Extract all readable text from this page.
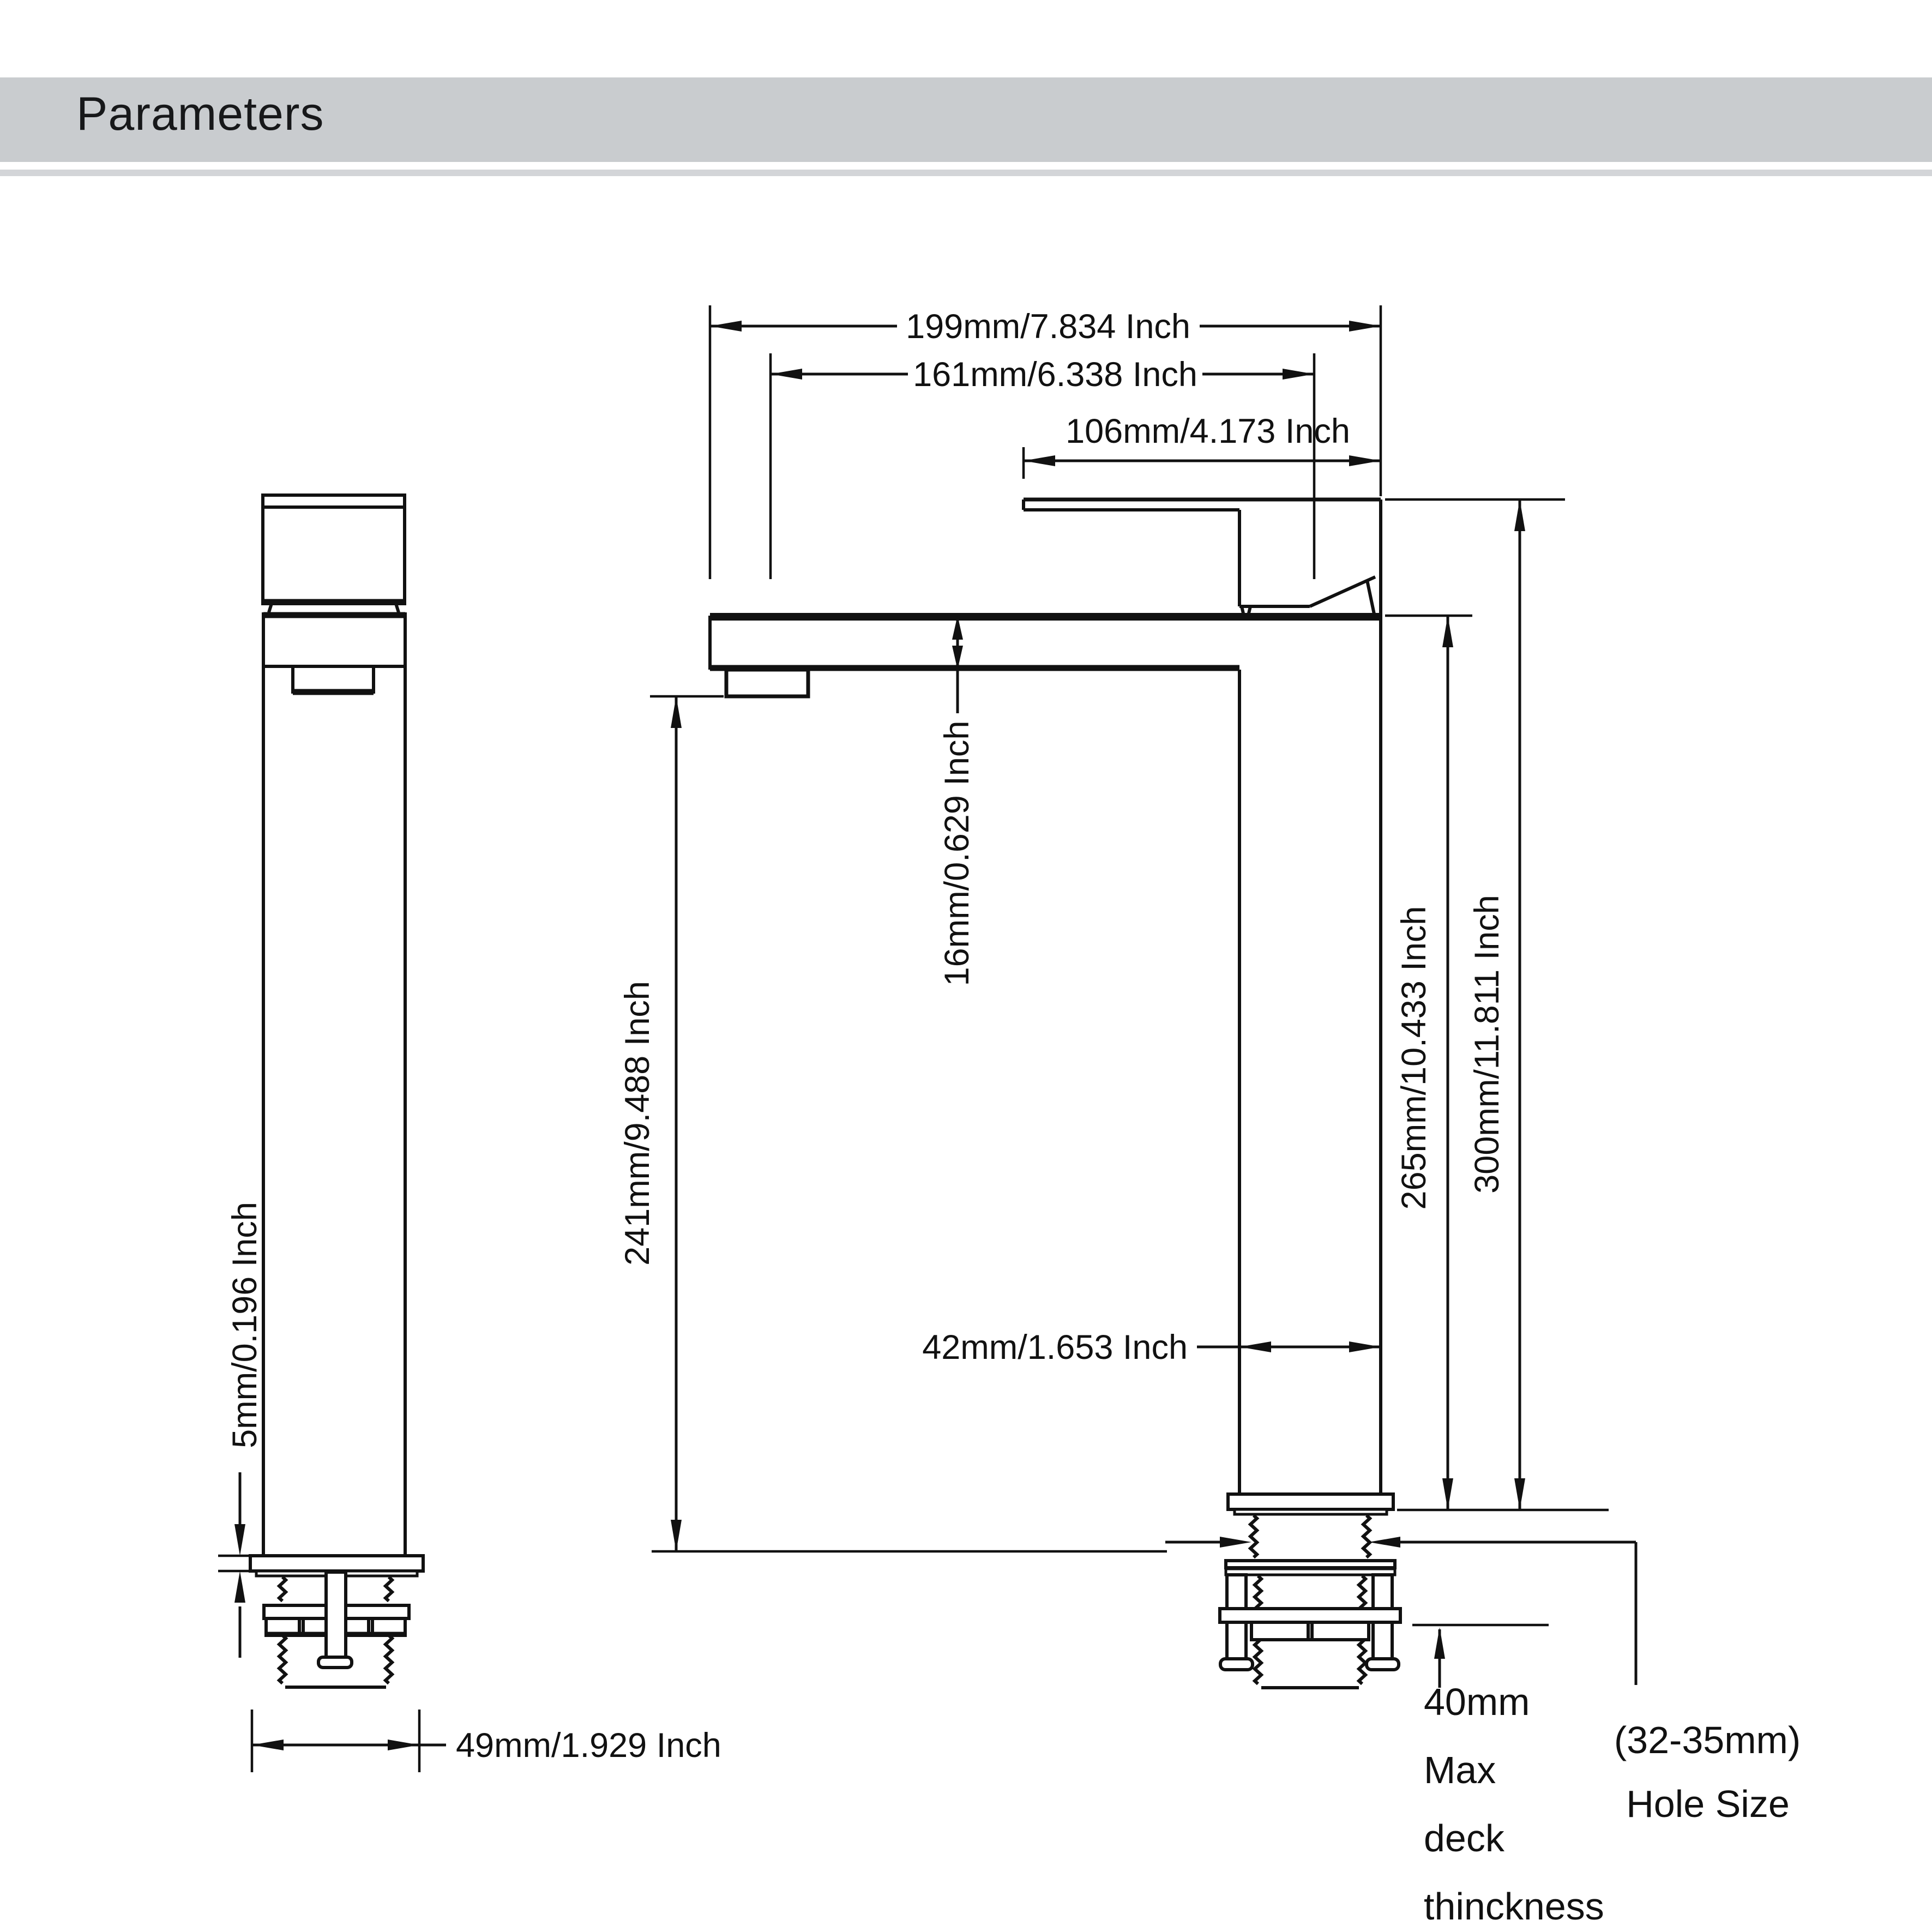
Parameters
199mm/7.834 Inch
161mm/6.338 Inch
106mm/4.173 Inch
16mm/0.629 Inch
241mm/9.488 Inch	265mm/10.433 Inch 300mm/11.811 Inch
42mm/1.653 Inch
5mm/0.196 Inch
49mm/1.929 Inch
40mm
Max
deck
thinckness
(32-35mm)
Hole Size
